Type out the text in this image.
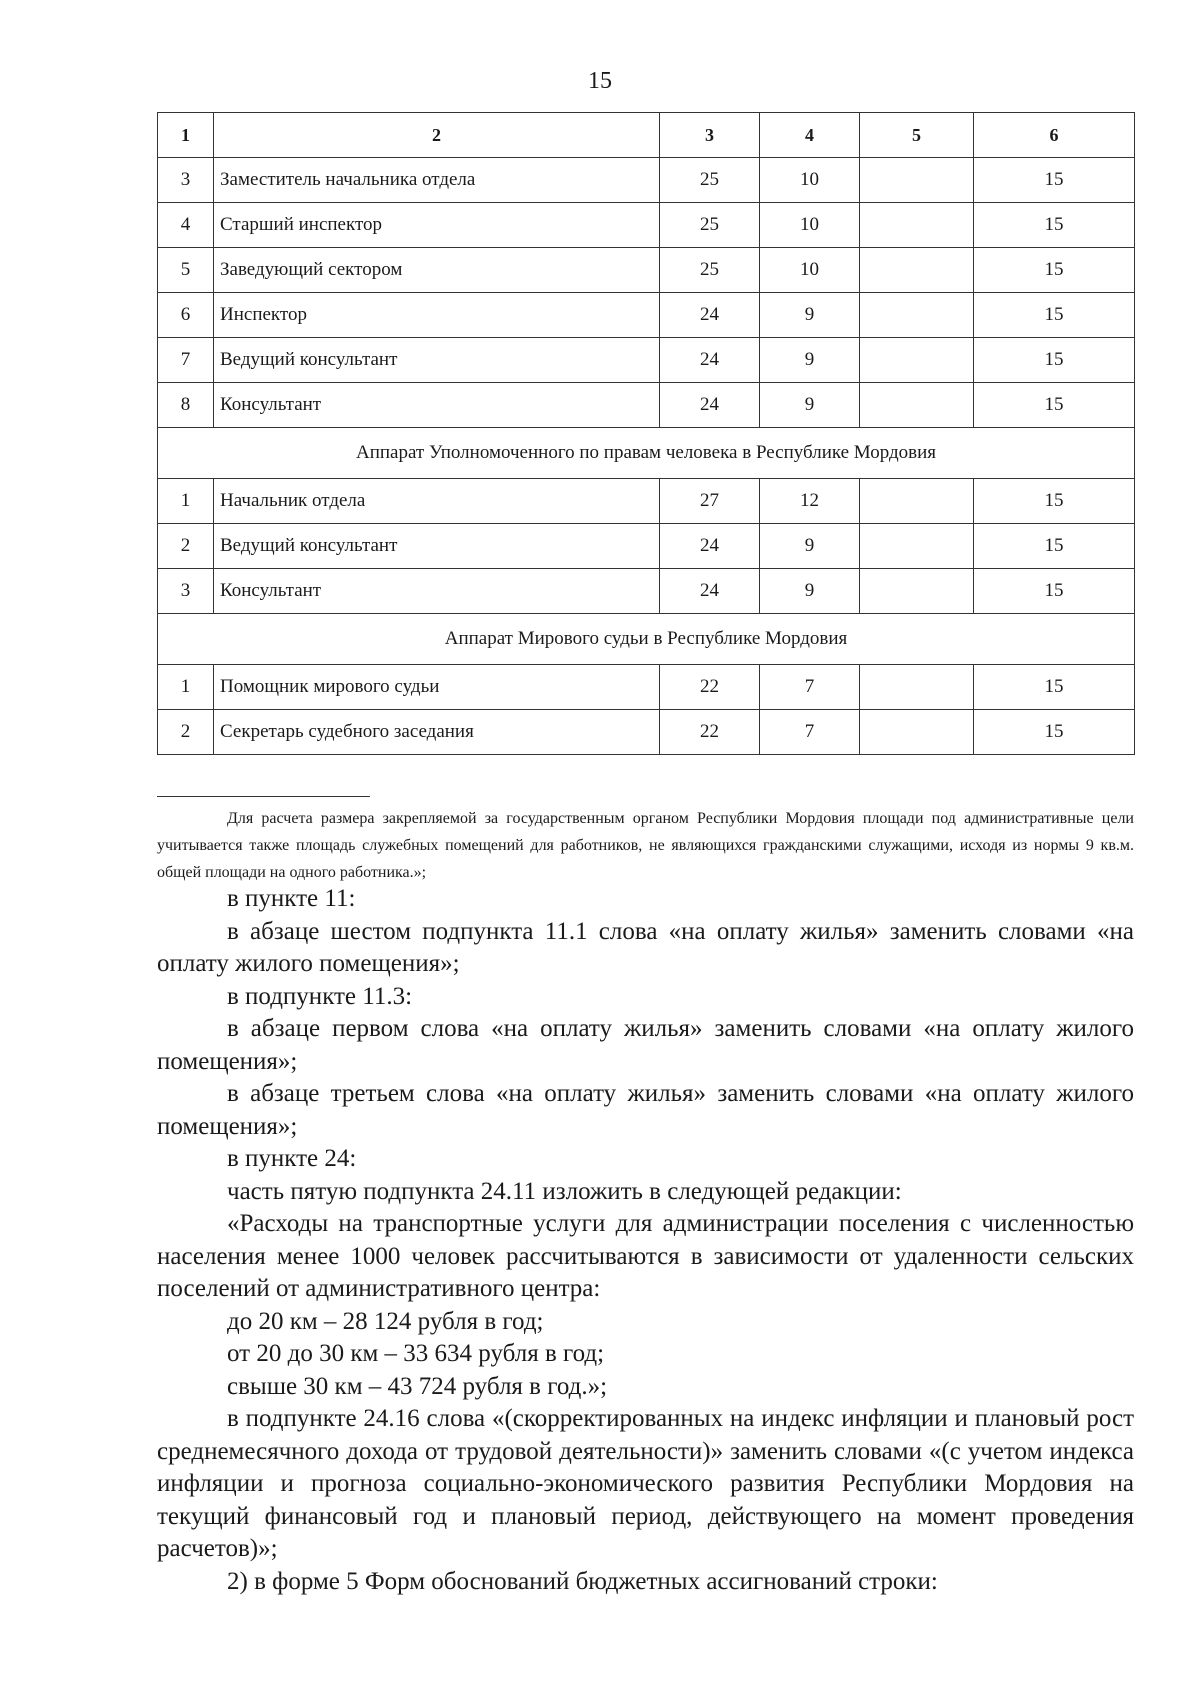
15
1	2	3	4	5	6
3	Заместитель начальника отдела	25	10		15
4	Старший инспектор	25	10		15
5	Заведующий сектором	25	10		15
6	Инспектор	24	9		15
7	Ведущий консультант	24	9		15
8	Консультант	24	9		15
Аппарат Уполномоченного по правам человека в Республике Мордовия					
1	Начальник отдела	27	12		15
2	Ведущий консультант	24	9		15
3	Консультант	24	9		15
Аппарат Мирового судьи в Республике Мордовия					
1	Помощник мирового судьи	22	7		15
2	Секретарь судебного заседания	22	7		15

Для расчета размера закрепляемой за государственным органом Республики Мордовия площади под административные цели учитывается также площадь служебных помещений для работников, не являющихся гражданскими служащими, исходя из нормы 9 кв.м. общей площади на одного работника.»;

в пункте 11:

в абзаце шестом подпункта 11.1 слова «на оплату жилья» заменить словами «на оплату жилого помещения»;

в подпункте 11.3:

в абзаце первом слова «на оплату жилья» заменить словами «на оплату жилого помещения»;

в абзаце третьем слова «на оплату жилья» заменить словами «на оплату жилого помещения»;

в пункте 24:

часть пятую подпункта 24.11 изложить в следующей редакции:

«Расходы на транспортные услуги для администрации поселения с численностью населения менее 1000 человек рассчитываются в зависимости от удаленности сельских поселений от административного центра:

до 20 км – 28 124 рубля в год;

от 20 до 30 км – 33 634 рубля в год;

свыше 30 км – 43 724 рубля в год.»;

в подпункте 24.16 слова «(скорректированных на индекс инфляции и плановый рост среднемесячного дохода от трудовой деятельности)» заменить словами «(с учетом индекса инфляции и прогноза социально-экономического развития Республики Мордовия на текущий финансовый год и плановый период, действующего на момент проведения расчетов)»;

2) в форме 5 Форм обоснований бюджетных ассигнований строки:
